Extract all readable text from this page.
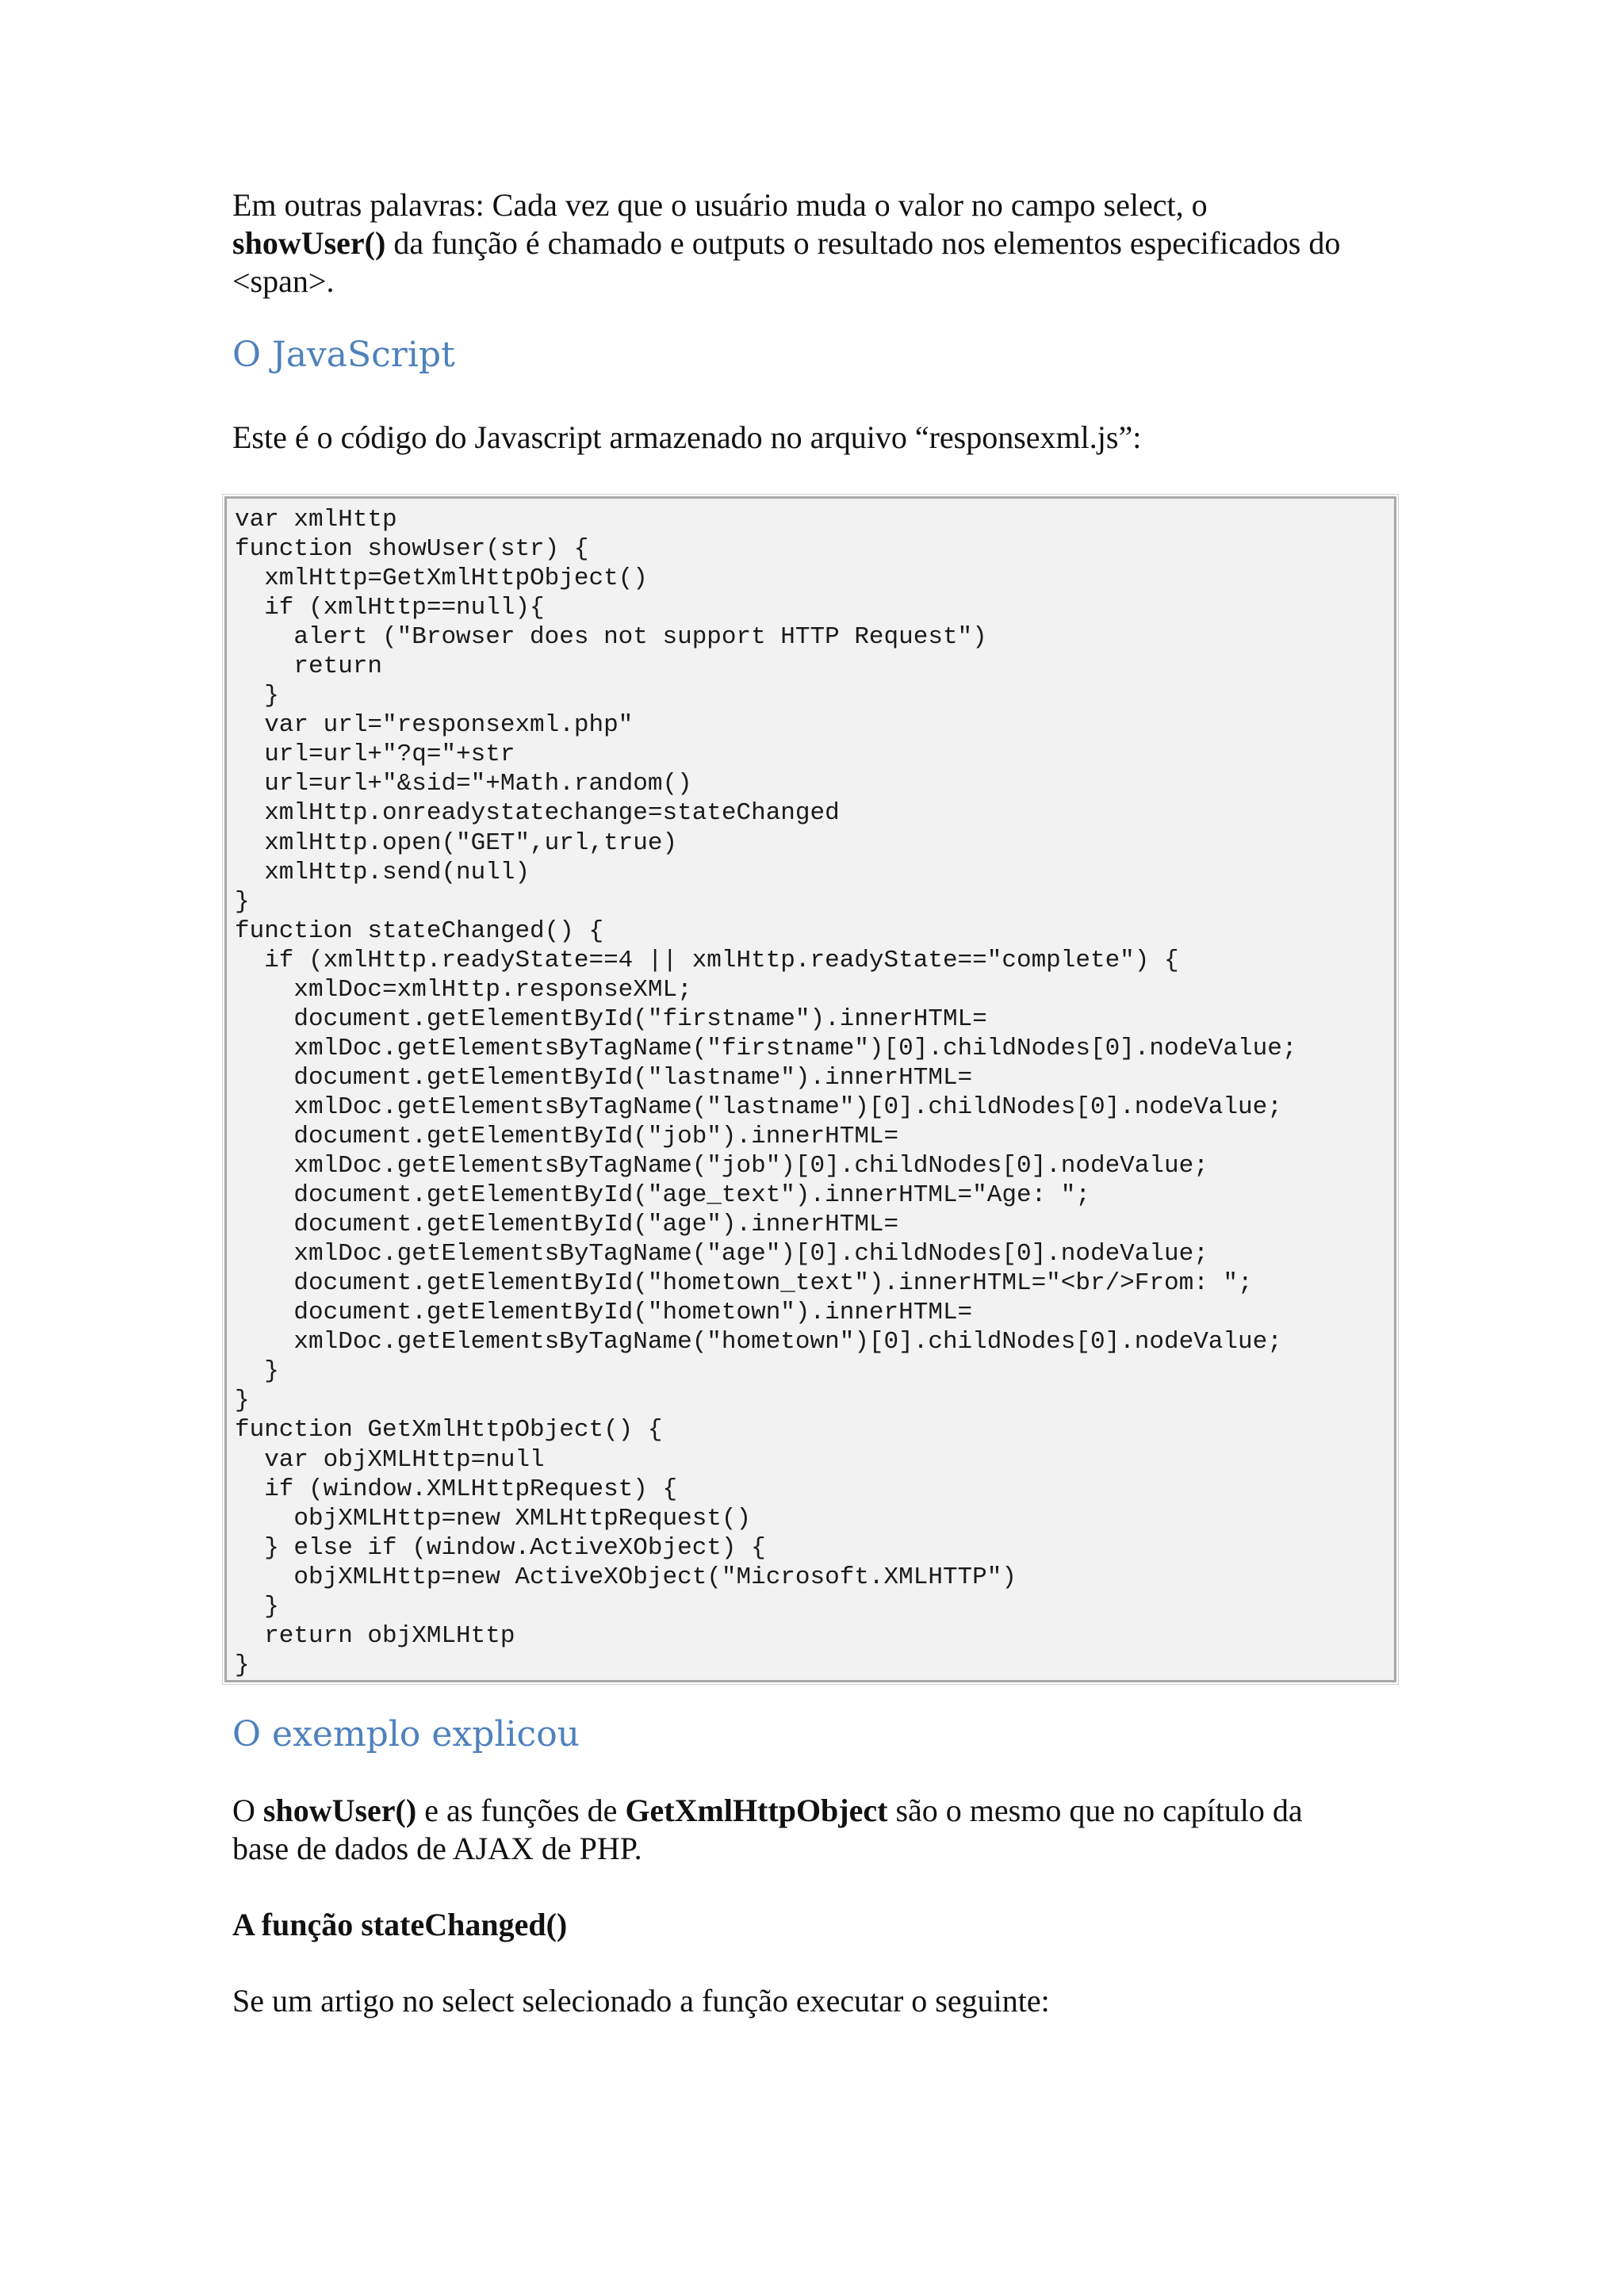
Em outras palavras: Cada vez que o usuário muda o valor no campo select, o
showUser() da função é chamado e outputs o resultado nos elementos especificados do
<span>.

O JavaScript

Este é o código do Javascript armazenado no arquivo “responsexml.js”:

var xmlHttp
function showUser(str) {
xmlHttp=GetXmlHttpObject()
if (xmlHttp==null){
alert ("Browser does not support HTTP Request")
return
}
var url="responsexml.php"
url=url+"?q="+str
url=url+"&sid="+Math.random()
xmlHttp.onreadystatechange=stateChanged
xmlHttp.open("GET",url,true)
xmlHttp.send(null)
}
function stateChanged() {
if (xmlHttp.readyState==4 || xmlHttp.readyState=="complete") {
xmlDoc=xmlHttp.responseXML;
document.getElementById("firstname").innerHTML=
xmlDoc.getElementsByTagName("firstname")[0].childNodes[0].nodeValue;
document.getElementById("lastname").innerHTML=
xmlDoc.getElementsByTagName("lastname")[0].childNodes[0].nodeValue;
document.getElementById("job").innerHTML=
xmlDoc.getElementsByTagName("job")[0].childNodes[0].nodeValue;
document.getElementById("age_text").innerHTML="Age: ";
document.getElementById("age").innerHTML=
xmlDoc.getElementsByTagName("age")[0].childNodes[0].nodeValue;
document.getElementById("hometown_text").innerHTML="<br/>From: ";
document.getElementById("hometown").innerHTML=
xmlDoc.getElementsByTagName("hometown")[0].childNodes[0].nodeValue;
}
}
function GetXmlHttpObject() {
var objXMLHttp=null
if (window.XMLHttpRequest) {
objXMLHttp=new XMLHttpRequest()
} else if (window.ActiveXObject) {
objXMLHttp=new ActiveXObject("Microsoft.XMLHTTP")
}
return objXMLHttp
}
O exemplo explicou

O showUser() e as funções de GetXmlHttpObject são o mesmo que no capítulo da
base de dados de AJAX de PHP.

A função stateChanged()

Se um artigo no select selecionado a função executar o seguinte:
